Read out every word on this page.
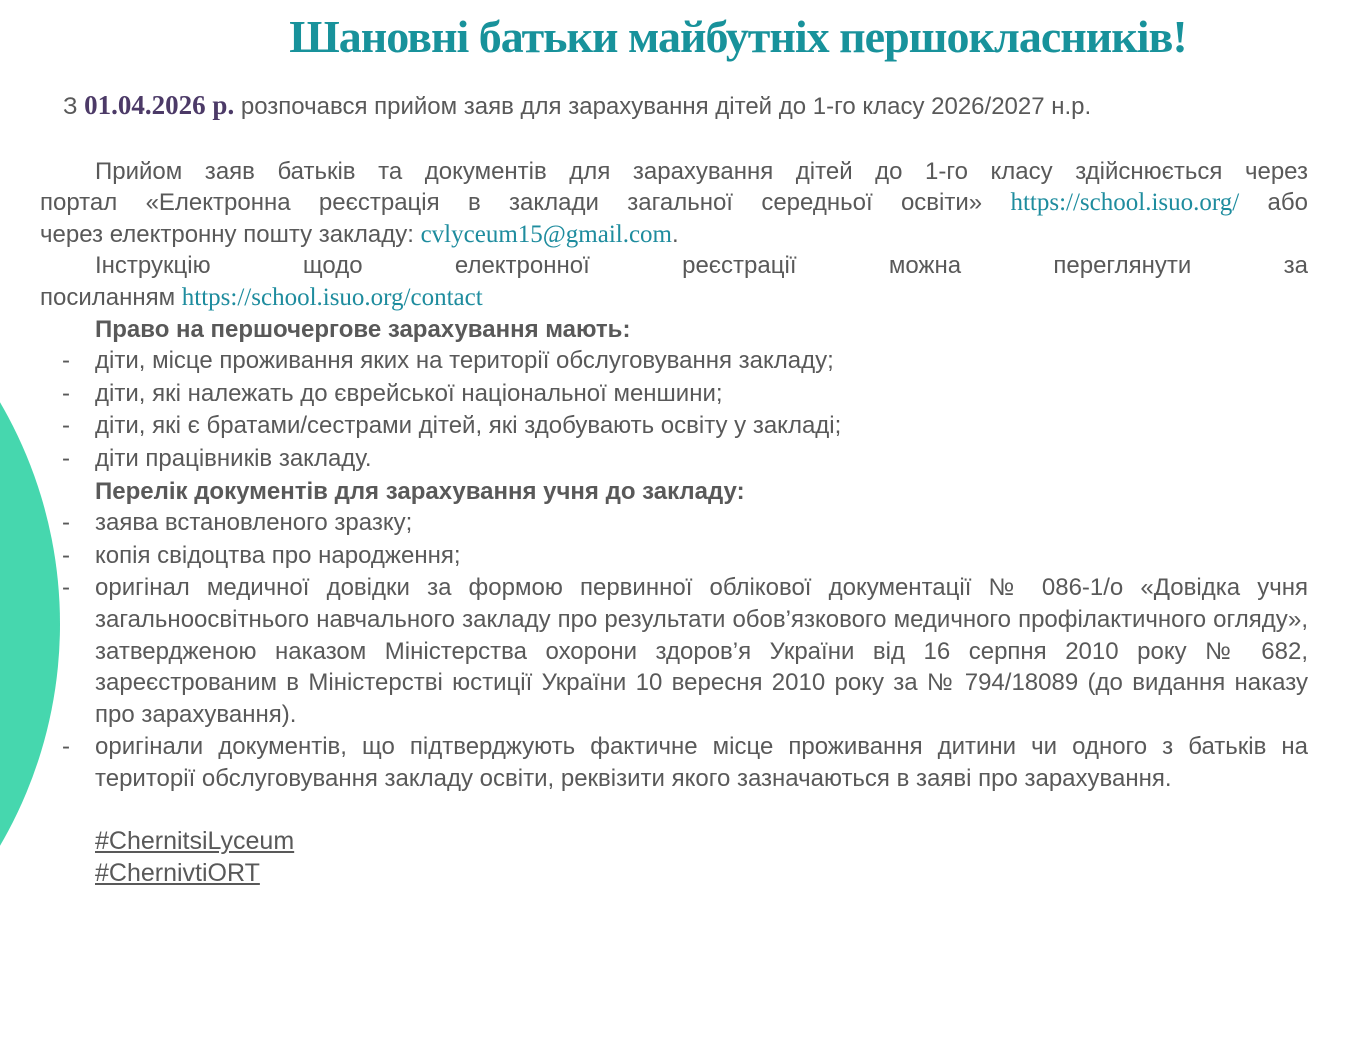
Шановні батьки майбутніх першокласників!

З 01.04.2026 р. розпочався прийом заяв для зарахування дітей до 1-го класу 2026/2027 н.р.

Прийом заяв батьків та документів для зарахування дітей до 1-го класу здійснюється через

портал «Електронна реєстрація в заклади загальної середньої освіти» https://school.isuo.org/ або

через електронну пошту закладу: cvlyceum15@gmail.com.

Інструкцію щодо електронної реєстрації можна переглянути за

посиланням https://school.isuo.org/contact

Право на першочергове зарахування мають:

- діти, місце проживання яких на території обслуговування закладу;
- діти, які належать до єврейської національної меншини;
- діти, які є братами/сестрами дітей, які здобувають освіту у закладі;
- діти працівників закладу.

Перелік документів для зарахування учня до закладу:

- заява встановленого зразку;
- копія свідоцтва про народження;
- оригінал медичної довідки за формою первинної облікової документації № 086-1/о «Довідка учня загальноосвітнього навчального закладу про результати обов’язкового медичного профілактичного огляду», затвердженою наказом Міністерства охорони здоров’я України від 16 серпня 2010 року № 682, зареєстрованим в Міністерстві юстиції України 10 вересня 2010 року за № 794/18089 (до видання наказу про зарахування).
- оригінали документів, що підтверджують фактичне місце проживання дитини чи одного з батьків на території обслуговування закладу освіти, реквізити якого зазначаються в заяві про зарахування.
#ChernitsiLyceum
#ChernivtiORT
